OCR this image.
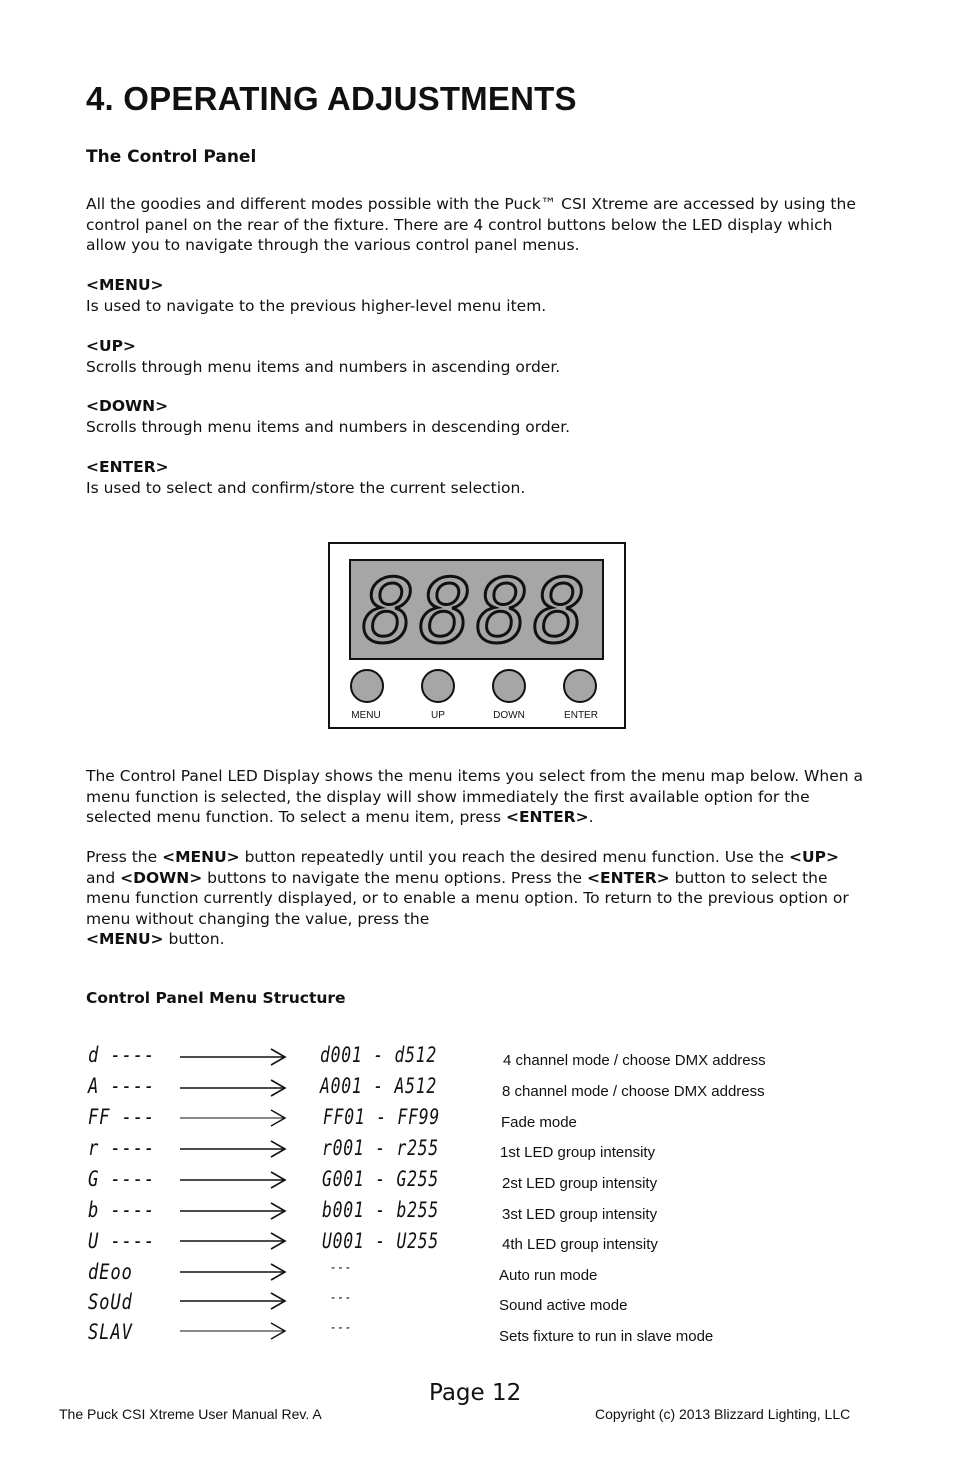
4. OPERATING ADJUSTMENTS
The Control Panel

All the goodies and different modes possible with the Puck™ CSI Xtreme are accessed by using the control panel on the rear of the fixture. There are 4 control buttons below the LED display which allow you to navigate through the various control panel menus.

<MENU>
Is used to navigate to the previous higher-level menu item.
<UP>
Scrolls through menu items and numbers in ascending order.
<DOWN>
Scrolls through menu items and numbers in descending order.
<ENTER>
Is used to select and confirm/store the current selection.
8888
MENU	UP	DOWN	ENTER

The Control Panel LED Display shows the menu items you select from the menu map below. When a menu function is selected, the display will show immediately the first available option for the selected menu function. To select a menu item, press <ENTER>.

Press the <MENU> button repeatedly until you reach the desired menu function. Use the <UP> and <DOWN> buttons to navigate the menu options. Press the <ENTER> button to select the menu function currently displayed, or to enable a menu option. To return to the previous option or menu without changing the value, press the
<MENU> button.

Control Panel Menu Structure
d ----	d001 - d512	4 channel mode / choose DMX address
A ----	A001 - A512	8 channel mode / choose DMX address
FF ---	FF01 - FF99	Fade mode
r ----	r001 - r255	1st LED group intensity
G ----	G001 - G255	2st LED group intensity
b ----	b001 - b255	3st LED group intensity
U ----	U001 - U255	4th LED group intensity
dEoo	---	Auto run mode
SoUd	---	Sound active mode
SLAV	---	Sets fixture to run in slave mode
Page 12
The Puck CSI Xtreme User Manual Rev. A	Copyright (c) 2013 Blizzard Lighting, LLC
